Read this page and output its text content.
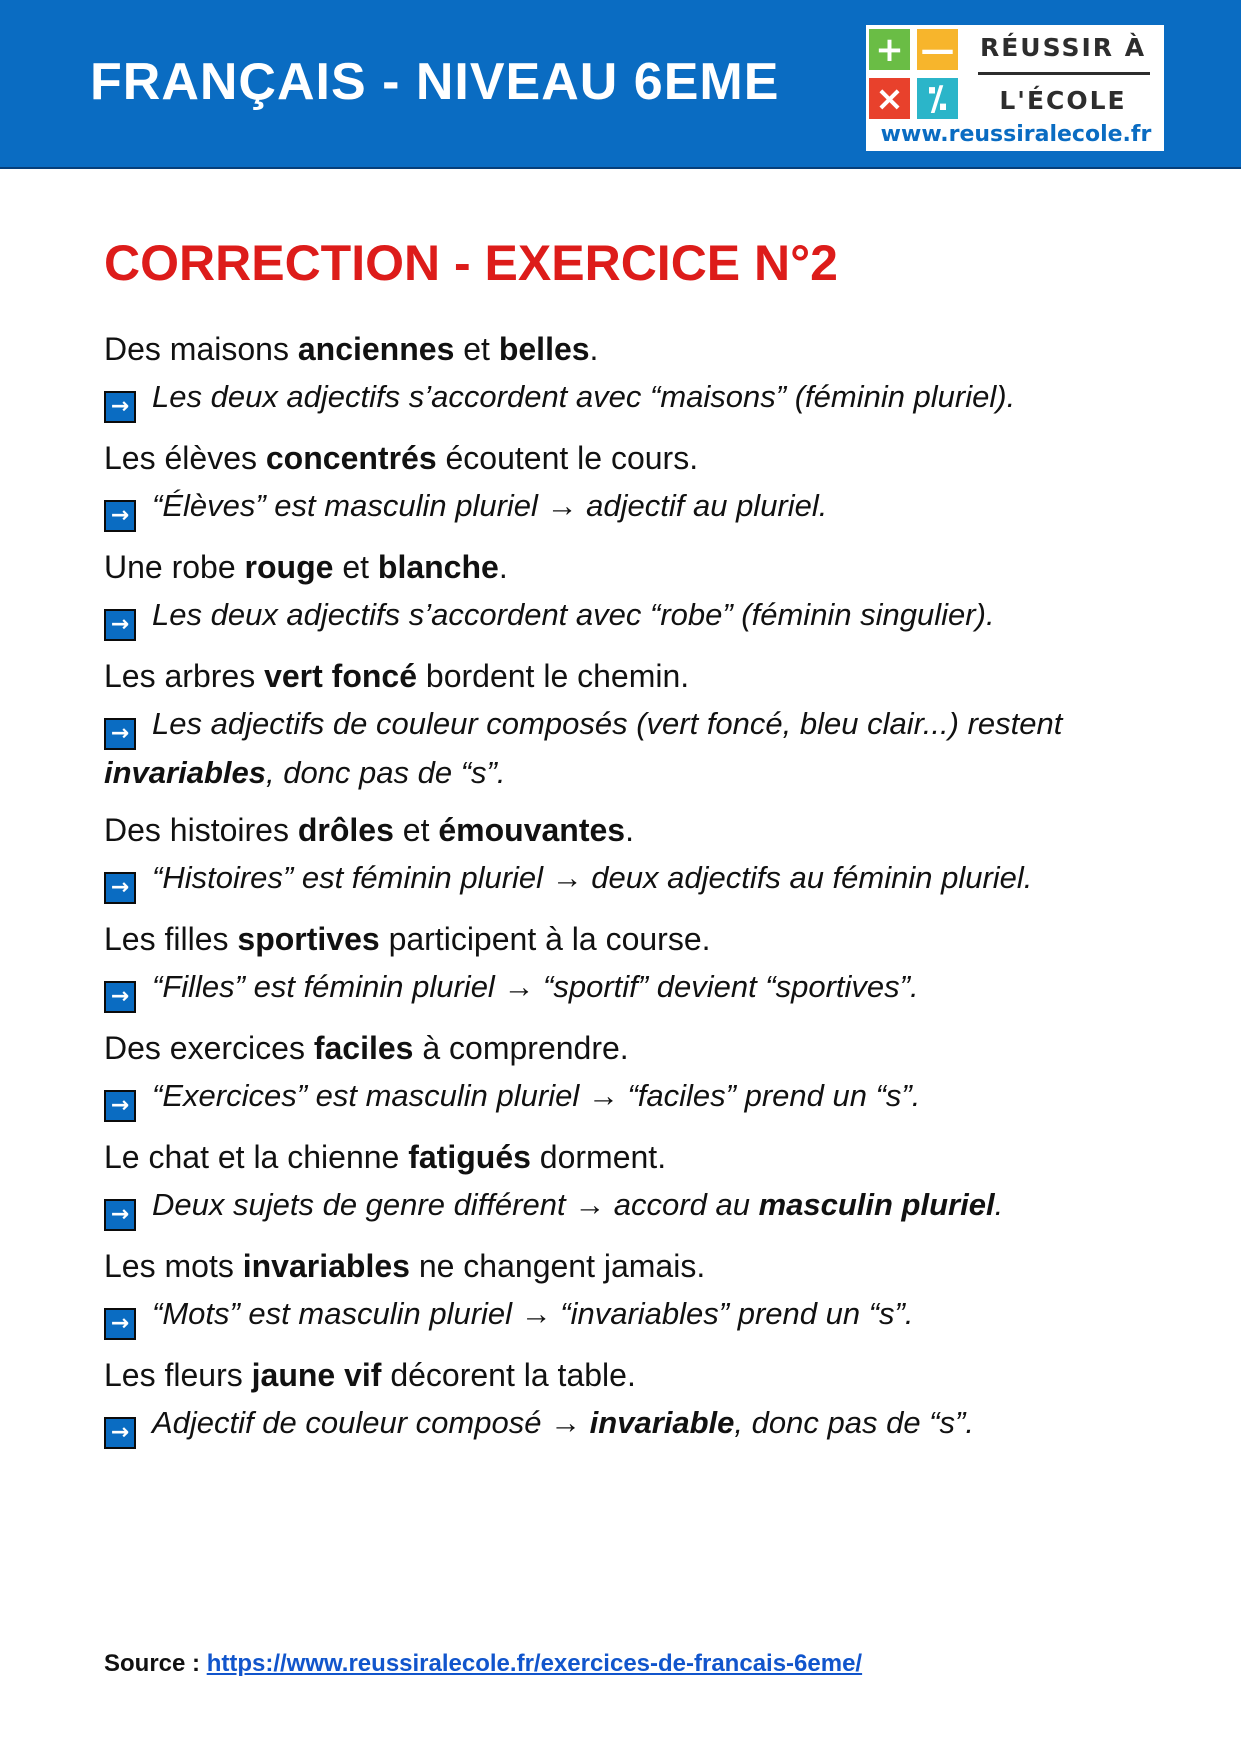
FRANÇAIS - NIVEAU 6EME
+ —
× ⁒
RÉUSSIR À
L'ÉCOLE
www.reussiralecole.fr
CORRECTION - EXERCICE N°2
Des maisons anciennes et belles.
→ Les deux adjectifs s’accordent avec “maisons” (féminin pluriel).
Les élèves concentrés écoutent le cours.
→ “Élèves” est masculin pluriel → adjectif au pluriel.
Une robe rouge et blanche.
→ Les deux adjectifs s’accordent avec “robe” (féminin singulier).
Les arbres vert foncé bordent le chemin.
→ Les adjectifs de couleur composés (vert foncé, bleu clair...) restent invariables, donc pas de “s”.
Des histoires drôles et émouvantes.
→ “Histoires” est féminin pluriel → deux adjectifs au féminin pluriel.
Les filles sportives participent à la course.
→ “Filles” est féminin pluriel → “sportif” devient “sportives”.
Des exercices faciles à comprendre.
→ “Exercices” est masculin pluriel → “faciles” prend un “s”.
Le chat et la chienne fatigués dorment.
→ Deux sujets de genre différent → accord au masculin pluriel.
Les mots invariables ne changent jamais.
→ “Mots” est masculin pluriel → “invariables” prend un “s”.
Les fleurs jaune vif décorent la table.
→ Adjectif de couleur composé → invariable, donc pas de “s”.
Source : https://www.reussiralecole.fr/exercices-de-francais-6eme/
